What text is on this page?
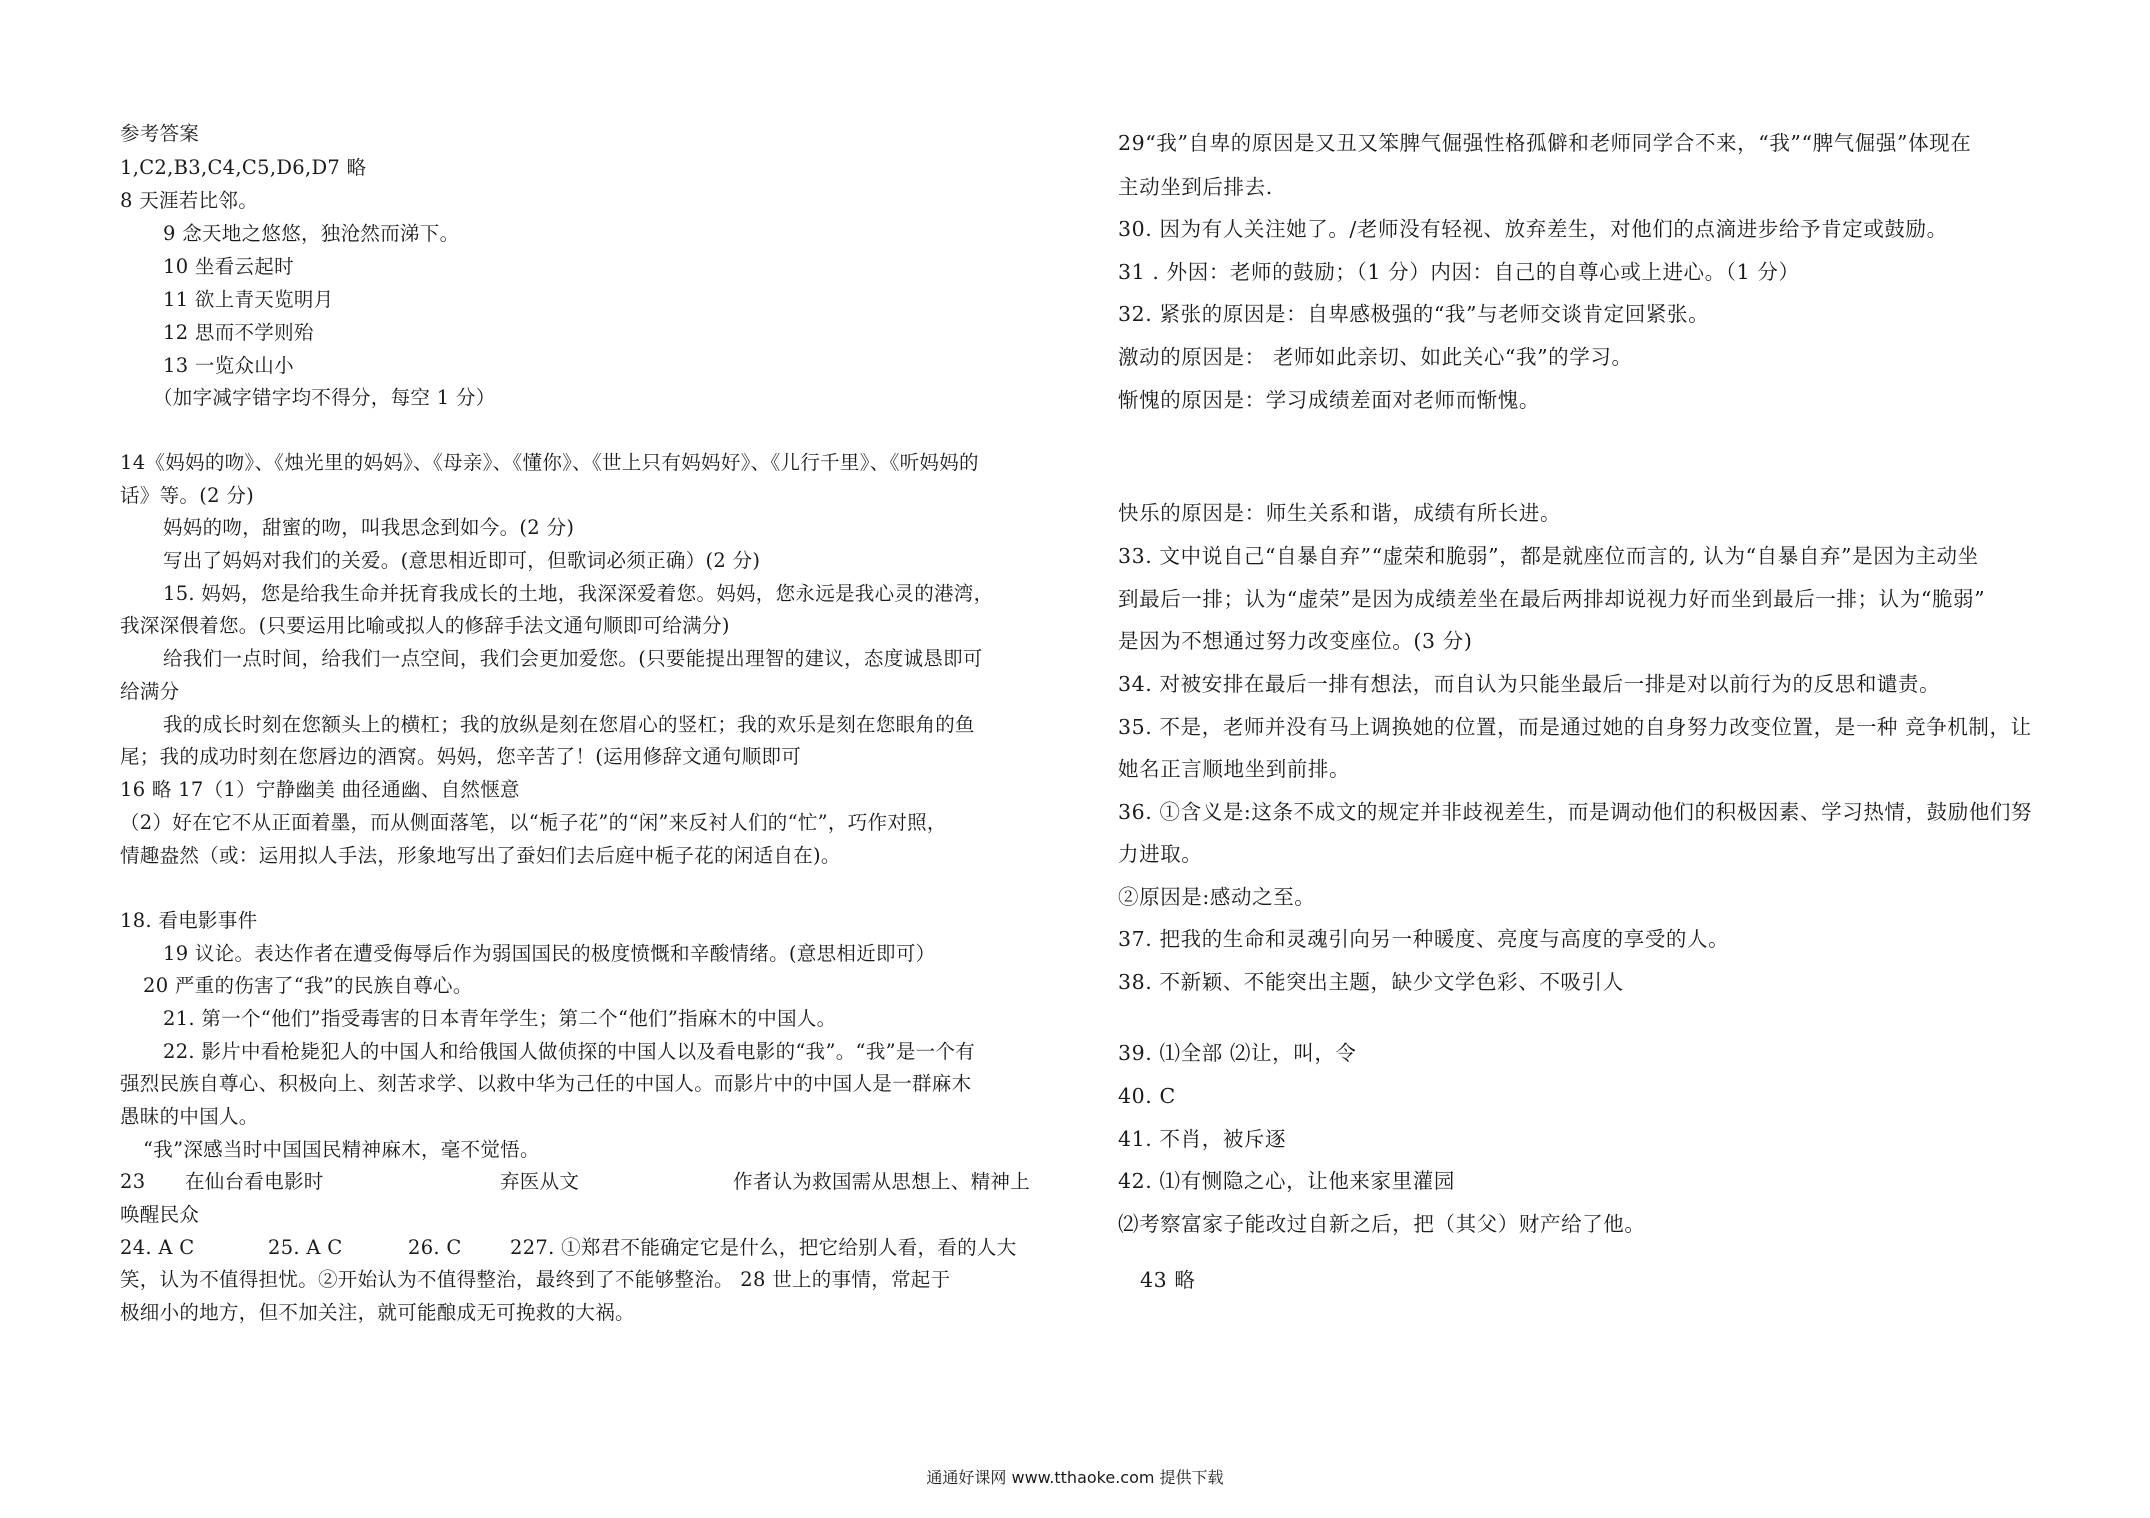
参考答案
1,C2,B3,C4,C5,D6,D7 略
8 天涯若比邻。
9 念天地之悠悠，独沧然而涕下。
10 坐看云起时
11 欲上青天览明月
12 思而不学则殆
13 一览众山小
（加字减字错字均不得分，每空 1 分）
14《妈妈的吻》、《烛光里的妈妈》、《母亲》、《懂你》、《世上只有妈妈好》、《儿行千里》、《听妈妈的
话》等。(2 分)
妈妈的吻，甜蜜的吻，叫我思念到如今。(2 分)
写出了妈妈对我们的关爱。(意思相近即可，但歌词必须正确）(2 分)
15. 妈妈，您是给我生命并抚育我成长的土地，我深深爱着您。妈妈，您永远是我心灵的港湾，
我深深偎着您。(只要运用比喻或拟人的修辞手法文通句顺即可给满分)
给我们一点时间，给我们一点空间，我们会更加爱您。(只要能提出理智的建议，态度诚恳即可
给满分
我的成长时刻在您额头上的横杠；我的放纵是刻在您眉心的竖杠；我的欢乐是刻在您眼角的鱼
尾；我的成功时刻在您唇边的酒窝。妈妈，您辛苦了！(运用修辞文通句顺即可
16 略 17（1）宁静幽美 曲径通幽、自然惬意
（2）好在它不从正面着墨，而从侧面落笔，以“栀子花”的“闲”来反衬人们的“忙”，巧作对照，
情趣盎然（或：运用拟人手法，形象地写出了蚕妇们去后庭中栀子花的闲适自在)。
18. 看电影事件
19 议论。表达作者在遭受侮辱后作为弱国国民的极度愤慨和辛酸情绪。(意思相近即可）
20 严重的伤害了“我”的民族自尊心。
21. 第一个“他们”指受毒害的日本青年学生；第二个“他们”指麻木的中国人。
22. 影片中看枪毙犯人的中国人和给俄国人做侦探的中国人以及看电影的“我”。“我”是一个有
强烈民族自尊心、积极向上、刻苦求学、以救中华为己任的中国人。而影片中的中国人是一群麻木
愚昧的中国人。
“我”深感当时中国国民精神麻木，毫不觉悟。
23 在仙台看电影时	弃医从文	作者认为救国需从思想上、精神上
唤醒民众
24. A C	25. A C	26. C 227. ①郑君不能确定它是什么，把它给别人看，看的人大
笑，认为不值得担忧。②开始认为不值得整治，最终到了不能够整治。 28 世上的事情，常起于
极细小的地方，但不加关注，就可能酿成无可挽救的大祸。
29“我”自卑的原因是又丑又笨脾气倔强性格孤僻和老师同学合不来，“我”“脾气倔强”体现在
主动坐到后排去.
30. 因为有人关注她了。/老师没有轻视、放弃差生，对他们的点滴进步给予肯定或鼓励。
31 . 外因：老师的鼓励；（1 分）内因：自己的自尊心或上进心。（1 分）
32. 紧张的原因是：自卑感极强的“我”与老师交谈肯定回紧张。
激动的原因是： 老师如此亲切、如此关心“我”的学习。
惭愧的原因是：学习成绩差面对老师而惭愧。
快乐的原因是：师生关系和谐，成绩有所长进。
33. 文中说自己“自暴自弃”“虚荣和脆弱”，都是就座位而言的, 认为“自暴自弃”是因为主动坐
到最后一排；认为“虚荣”是因为成绩差坐在最后两排却说视力好而坐到最后一排；认为“脆弱”
是因为不想通过努力改变座位。(3 分)
34. 对被安排在最后一排有想法，而自认为只能坐最后一排是对以前行为的反思和谴责。
35. 不是，老师并没有马上调换她的位置，而是通过她的自身努力改变位置，是一种 竞争机制，让
她名正言顺地坐到前排。
36. ①含义是:这条不成文的规定并非歧视差生，而是调动他们的积极因素、学习热情，鼓励他们努
力进取。
②原因是:感动之至。
37. 把我的生命和灵魂引向另一种暖度、亮度与高度的享受的人。
38. 不新颖、不能突出主题，缺少文学色彩、不吸引人
39. ⑴全部 ⑵让，叫，令
40. C
41. 不肖，被斥逐
42. ⑴有恻隐之心，让他来家里灌园
⑵考察富家子能改过自新之后，把（其父）财产给了他。
43 略
通通好课网 www.tthaoke.com 提供下载
